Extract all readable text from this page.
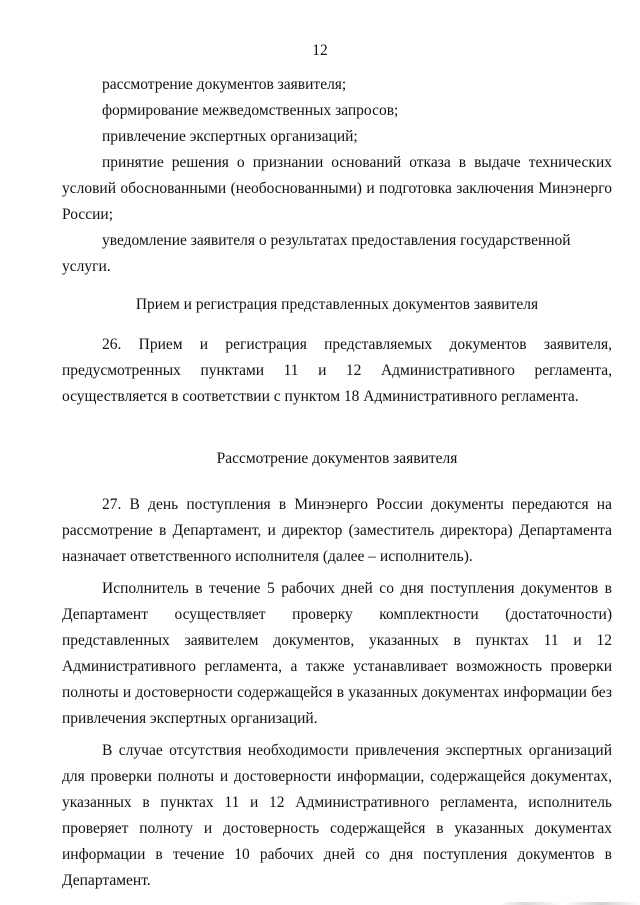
12

рассмотрение документов заявителя;

формирование межведомственных запросов;

привлечение экспертных организаций;

принятие решения о признании оснований отказа в выдаче технических условий обоснованными (необоснованными) и подготовка заключения Минэнерго России;

уведомление заявителя о результатах предоставления государственной услуги.

Прием и регистрация представленных документов заявителя

26. Прием и регистрация представляемых документов заявителя, предусмотренных пунктами 11 и 12 Административного регламента, осуществляется в соответствии с пунктом 18 Административного регламента.

Рассмотрение документов заявителя

27. В день поступления в Минэнерго России документы передаются на рассмотрение в Департамент, и директор (заместитель директора) Департамента назначает ответственного исполнителя (далее – исполнитель).

Исполнитель в течение 5 рабочих дней со дня поступления документов в Департамент осуществляет проверку комплектности (достаточности) представленных заявителем документов, указанных в пунктах 11 и 12 Административного регламента, а также устанавливает возможность проверки полноты и достоверности содержащейся в указанных документах информации без привлечения экспертных организаций.

В случае отсутствия необходимости привлечения экспертных организаций для проверки полноты и достоверности информации, содержащейся документах, указанных в пунктах 11 и 12 Административного регламента, исполнитель проверяет полноту и достоверность содержащейся в указанных документах информации в течение 10 рабочих дней со дня поступления документов в Департамент.
